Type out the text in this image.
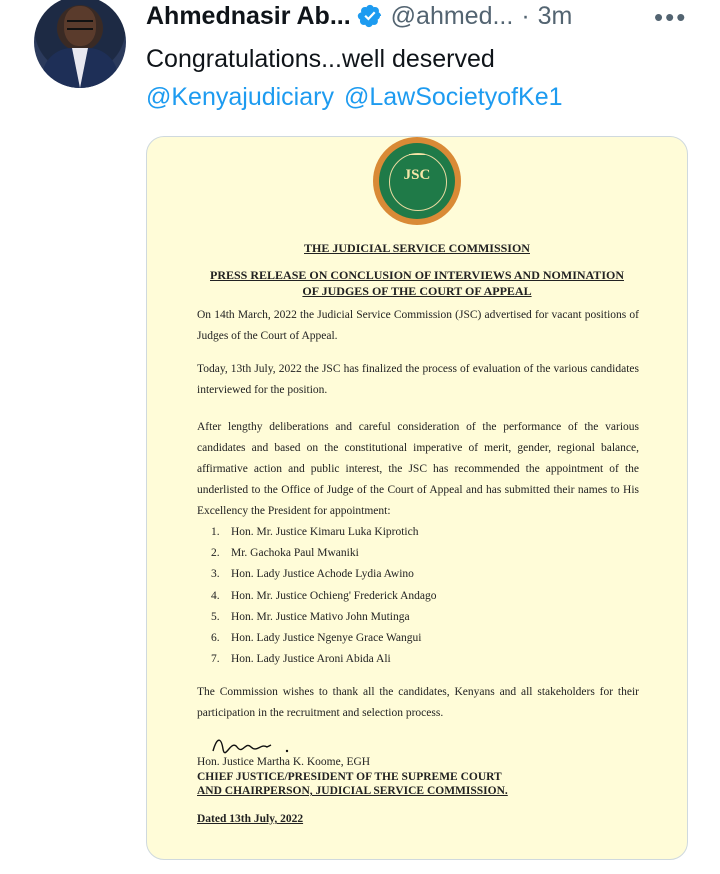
Ahmednasir Ab... @ahmed... · 3m	•••
Congratulations...well deserved
@Kenyajudiciary @LawSocietyofKe1
JSC
THE JUDICIAL SERVICE COMMISSION
PRESS RELEASE ON CONCLUSION OF INTERVIEWS AND NOMINATION
OF JUDGES OF THE COURT OF APPEAL
On 14th March, 2022 the Judicial Service Commission (JSC) advertised for vacant positions of Judges of the Court of Appeal.
Today, 13th July, 2022 the JSC has finalized the process of evaluation of the various candidates interviewed for the position.
After lengthy deliberations and careful consideration of the performance of the various candidates and based on the constitutional imperative of merit, gender, regional balance, affirmative action and public interest, the JSC has recommended the appointment of the underlisted to the Office of Judge of the Court of Appeal and has submitted their names to His Excellency the President for appointment:
1. Hon. Mr. Justice Kimaru Luka Kiprotich
2. Mr. Gachoka Paul Mwaniki
3. Hon. Lady Justice Achode Lydia Awino
4. Hon. Mr. Justice Ochieng' Frederick Andago
5. Hon. Mr. Justice Mativo John Mutinga
6. Hon. Lady Justice Ngenye Grace Wangui
7. Hon. Lady Justice Aroni Abida Ali
The Commission wishes to thank all the candidates, Kenyans and all stakeholders for their participation in the recruitment and selection process.
Hon. Justice Martha K. Koome, EGH
CHIEF JUSTICE/PRESIDENT OF THE SUPREME COURT
AND CHAIRPERSON, JUDICIAL SERVICE COMMISSION.
Dated 13th July, 2022
